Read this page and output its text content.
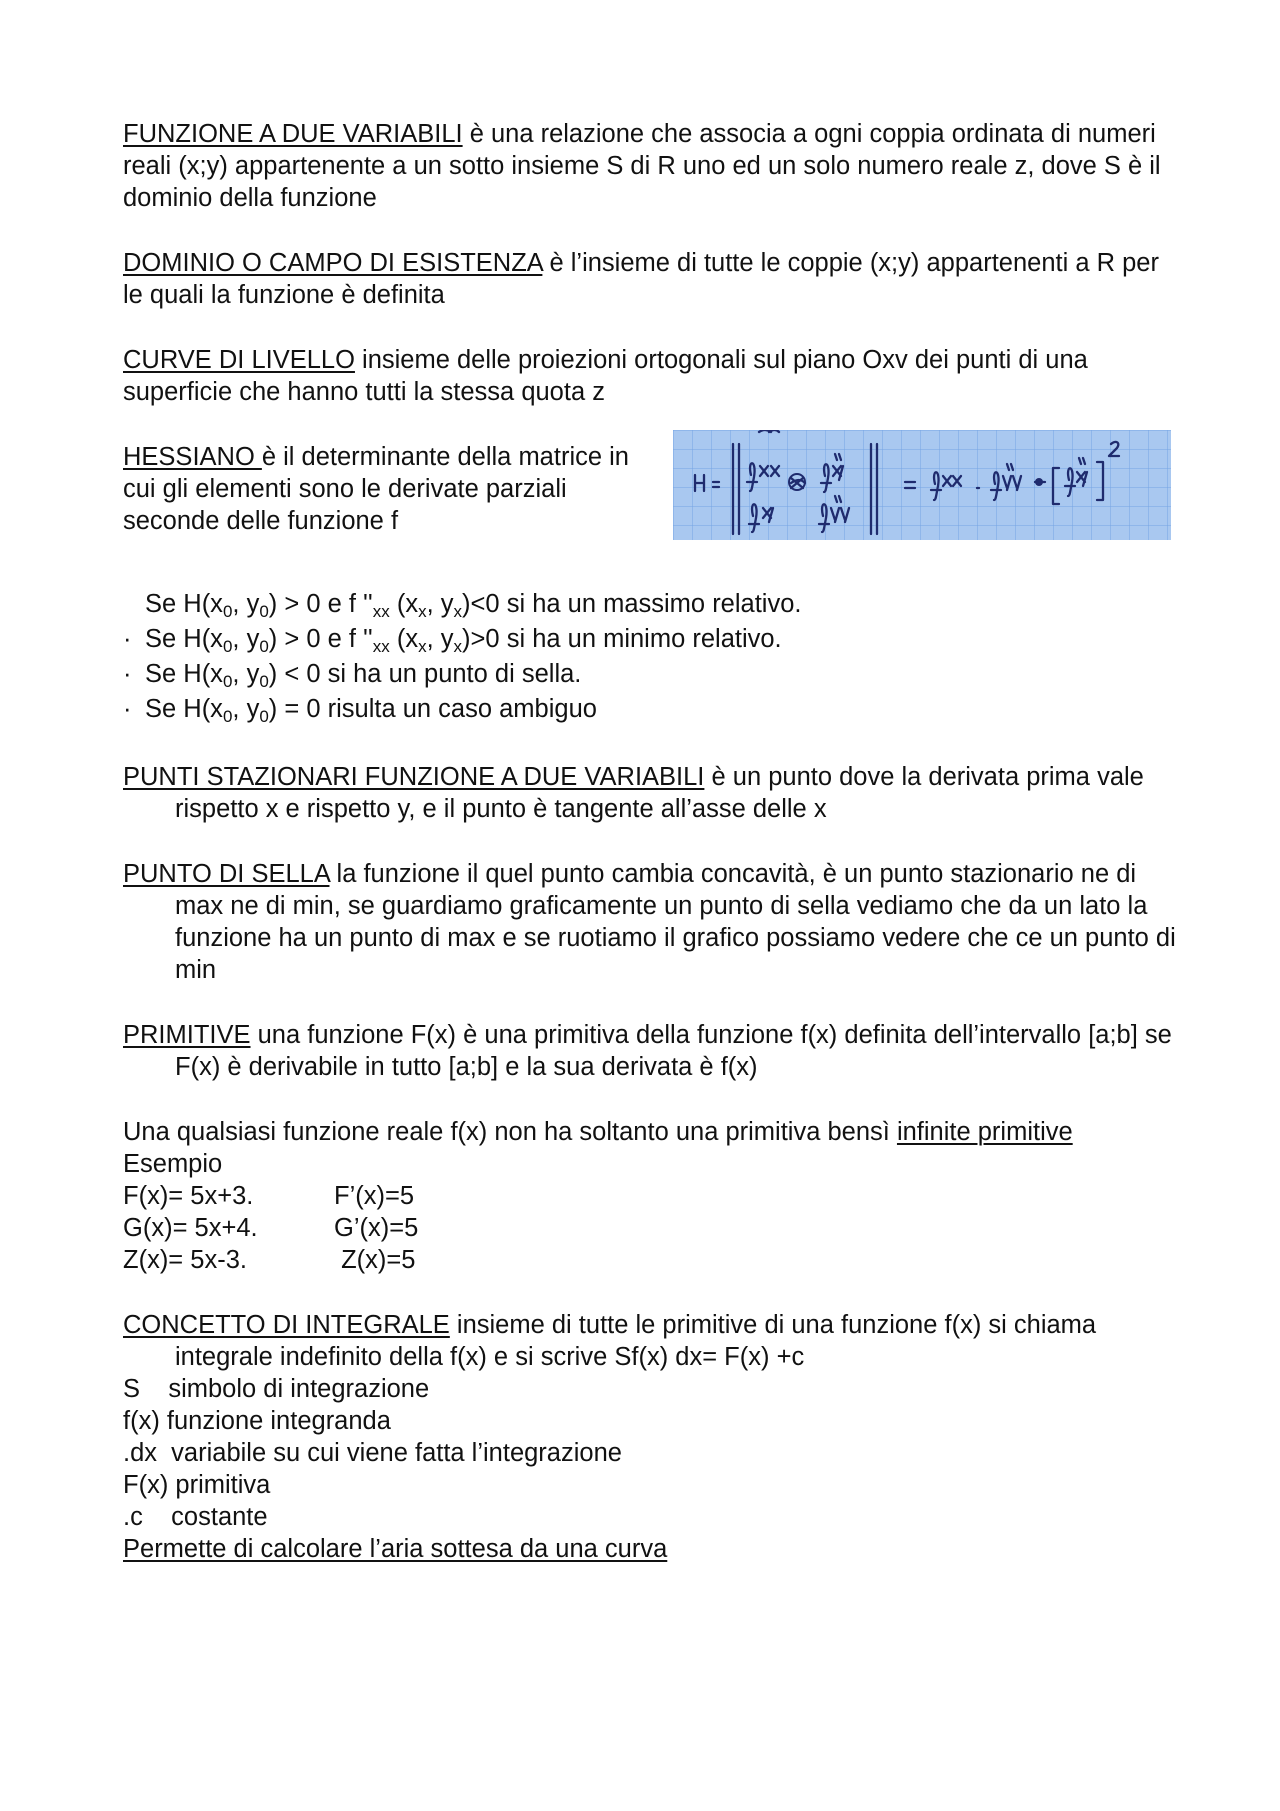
FUNZIONE A DUE VARIABILI è una relazione che associa a ogni coppia ordinata di numeri reali (x;y) appartenente a un sotto insieme S di R uno ed un solo numero reale z, dove S è il dominio della funzione

DOMINIO O CAMPO DI ESISTENZA è l’insieme di tutte le coppie (x;y) appartenenti a R per le quali la funzione è definita

CURVE DI LIVELLO insieme delle proiezioni ortogonali sul piano Oxv dei punti di una superficie che hanno tutti la stessa quota z

HESSIANO è il determinante della matrice in cui gli elementi sono le derivate parziali seconde delle funzione f

Se H(x0, y0) > 0 e f ''xx (xx, yx)<0 si ha un massimo relativo.

· Se H(x0, y0) > 0 e f ''xx (xx, yx)>0 si ha un minimo relativo.

· Se H(x0, y0) < 0 si ha un punto di sella.

· Se H(x0, y0) = 0 risulta un caso ambiguo

PUNTI STAZIONARI FUNZIONE A DUE VARIABILI è un punto dove la derivata prima vale rispetto x e rispetto y, e il punto è tangente all’asse delle x

PUNTO DI SELLA la funzione il quel punto cambia concavità, è un punto stazionario ne di max ne di min, se guardiamo graficamente un punto di sella vediamo che da un lato la funzione ha un punto di max e se ruotiamo il grafico possiamo vedere che ce un punto di min

PRIMITIVE una funzione F(x) è una primitiva della funzione f(x) definita dell’intervallo [a;b] se F(x) è derivabile in tutto [a;b] e la sua derivata è f(x)

Una qualsiasi funzione reale f(x) non ha soltanto una primitiva bensì infinite primitive

Esempio

F(x)= 5x+3.	F’(x)=5

G(x)= 5x+4.	G’(x)=5

Z(x)= 5x-3.	Z(x)=5

CONCETTO DI INTEGRALE insieme di tutte le primitive di una funzione f(x) si chiama integrale indefinito della f(x) e si scrive Sf(x) dx= F(x) +c

S    simbolo di integrazione

f(x) funzione integranda

.dx  variabile su cui viene fatta l’integrazione

F(x) primitiva

.c    costante

Permette di calcolare l’aria sottesa da una curva
